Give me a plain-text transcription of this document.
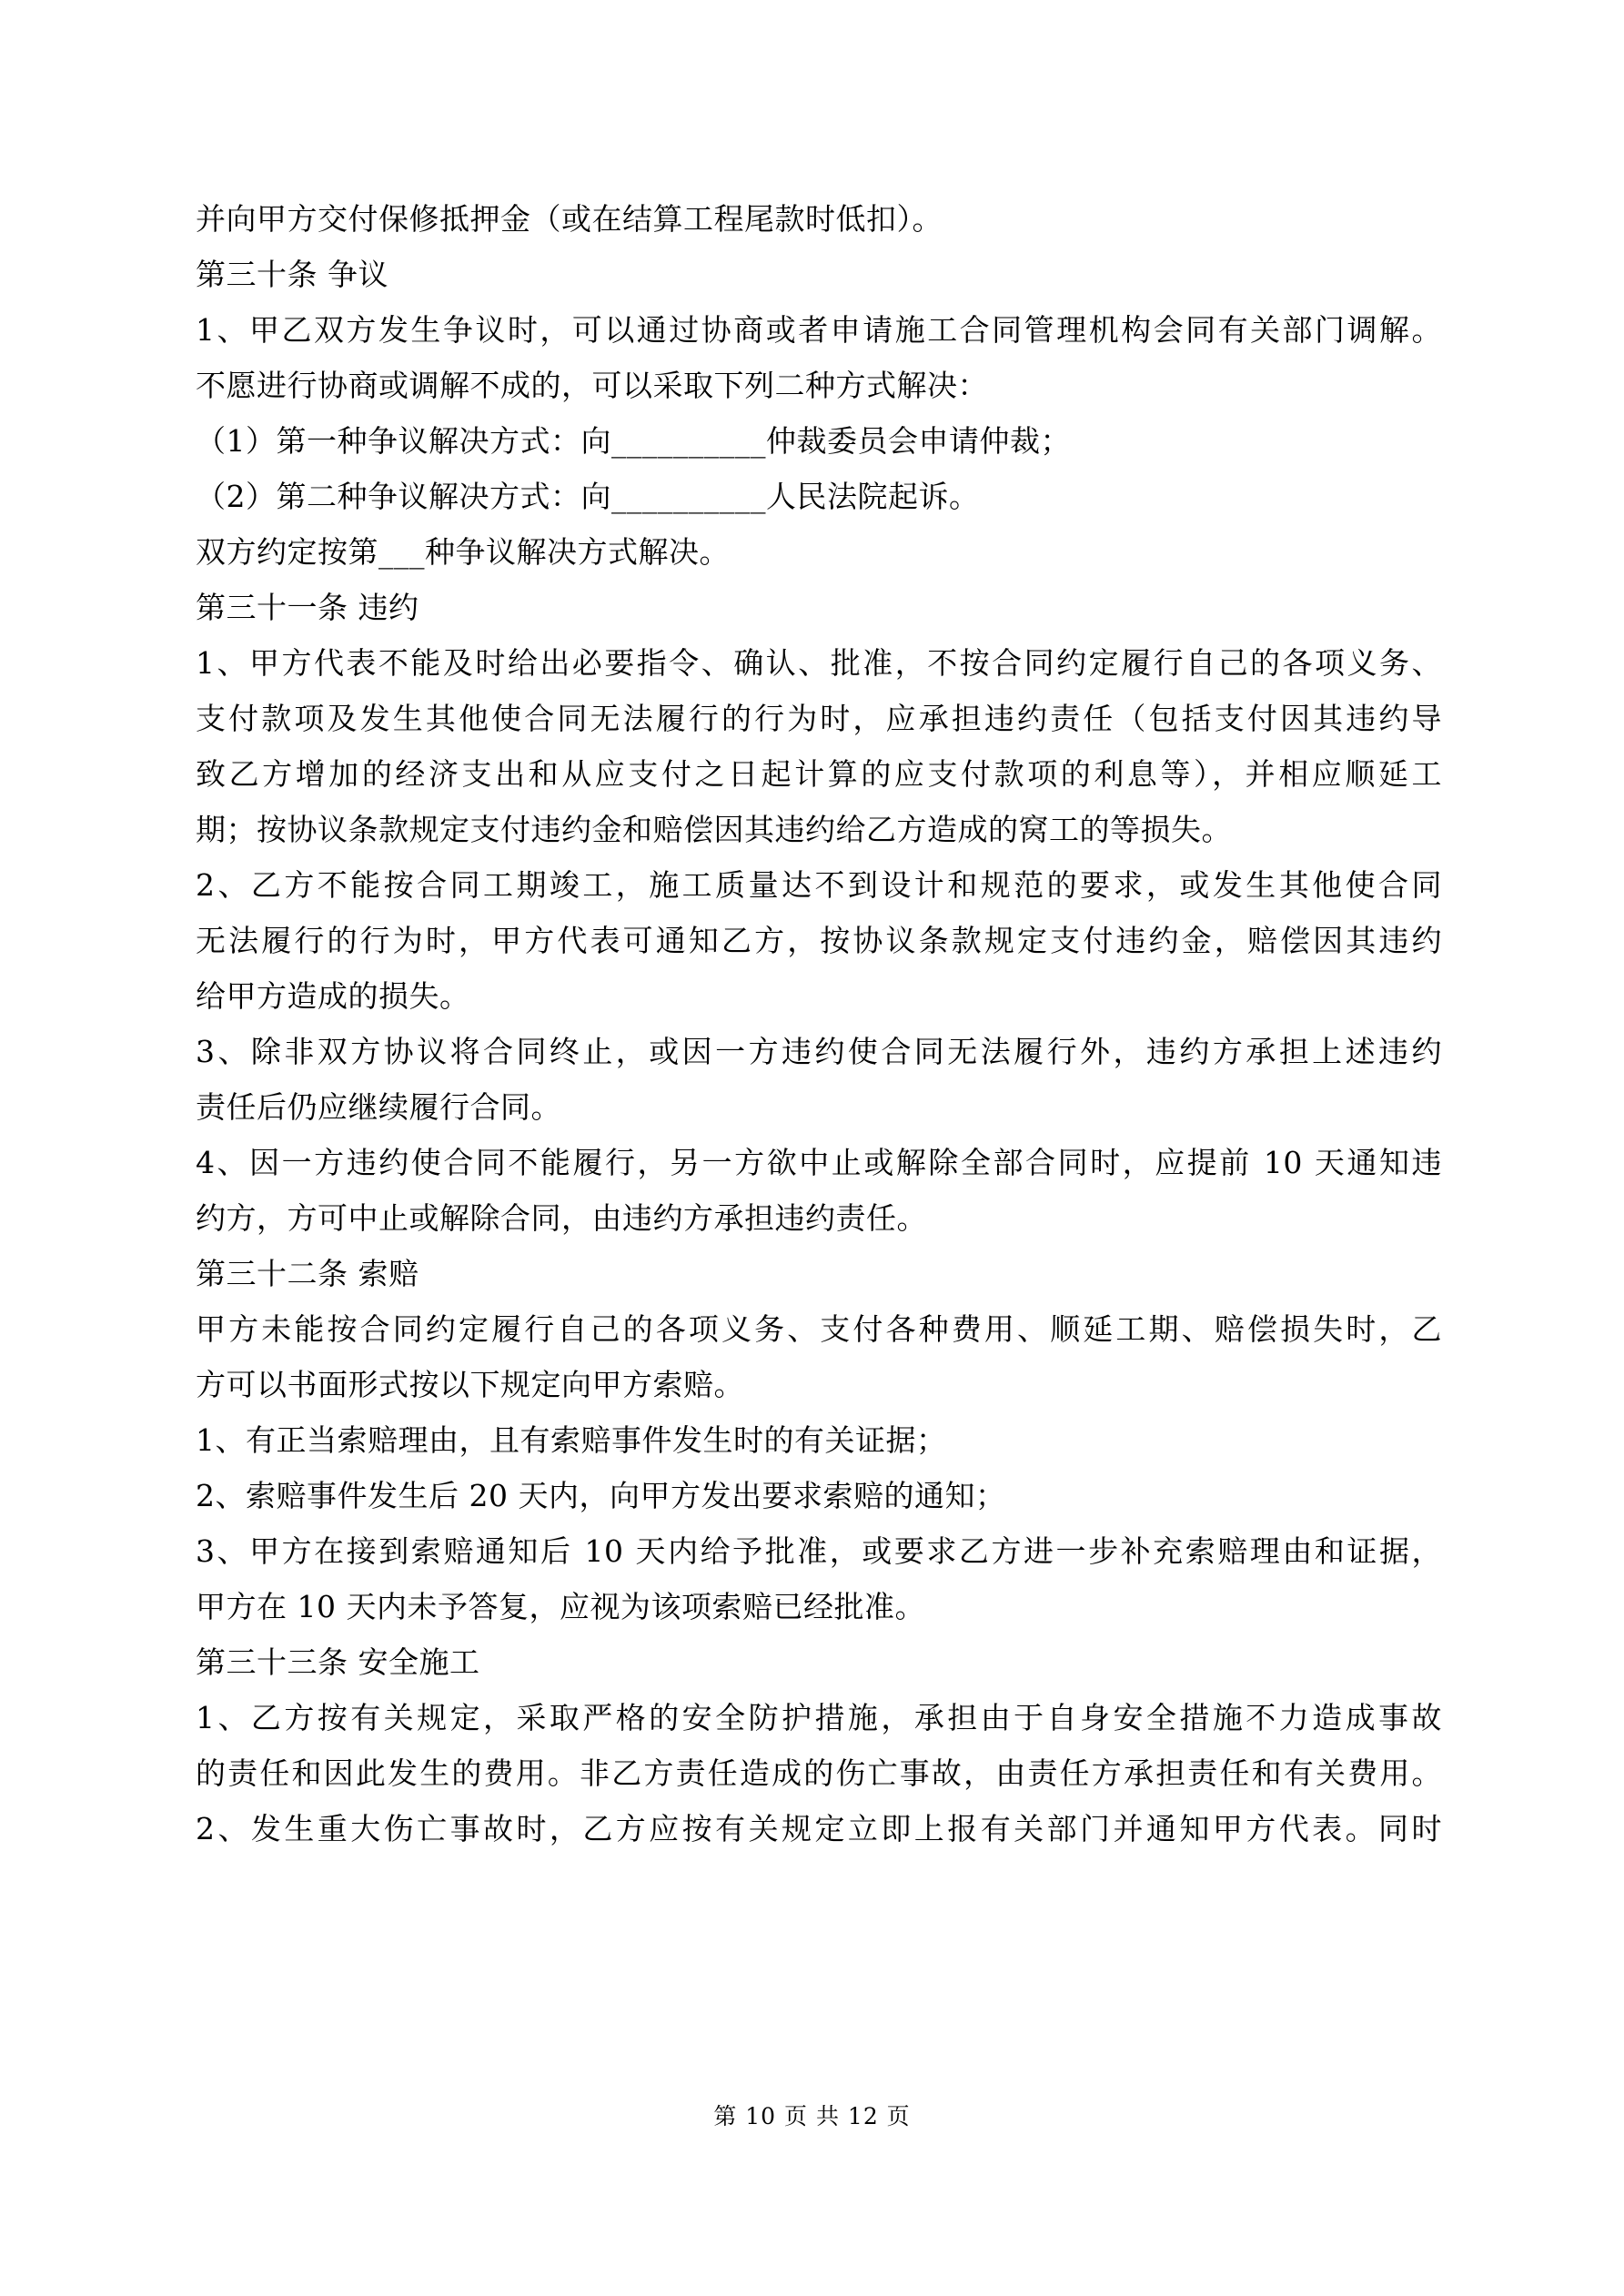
并向甲方交付保修抵押金（或在结算工程尾款时低扣）。
第三十条 争议
1、甲乙双方发生争议时，可以通过协商或者申请施工合同管理机构会同有关部门调解。
不愿进行协商或调解不成的，可以采取下列二种方式解决：
（1）第一种争议解决方式：向__________仲裁委员会申请仲裁；
（2）第二种争议解决方式：向__________人民法院起诉。
双方约定按第___种争议解决方式解决。
第三十一条 违约
1、甲方代表不能及时给出必要指令、确认、批准，不按合同约定履行自己的各项义务、
支付款项及发生其他使合同无法履行的行为时，应承担违约责任（包括支付因其违约导
致乙方增加的经济支出和从应支付之日起计算的应支付款项的利息等），并相应顺延工
期；按协议条款规定支付违约金和赔偿因其违约给乙方造成的窝工的等损失。
2、乙方不能按合同工期竣工，施工质量达不到设计和规范的要求，或发生其他使合同
无法履行的行为时，甲方代表可通知乙方，按协议条款规定支付违约金，赔偿因其违约
给甲方造成的损失。
3、除非双方协议将合同终止，或因一方违约使合同无法履行外，违约方承担上述违约
责任后仍应继续履行合同。
4、因一方违约使合同不能履行，另一方欲中止或解除全部合同时，应提前 10 天通知违
约方，方可中止或解除合同，由违约方承担违约责任。
第三十二条 索赔
甲方未能按合同约定履行自己的各项义务、支付各种费用、顺延工期、赔偿损失时，乙
方可以书面形式按以下规定向甲方索赔。
1、有正当索赔理由，且有索赔事件发生时的有关证据；
2、索赔事件发生后 20 天内，向甲方发出要求索赔的通知；
3、甲方在接到索赔通知后 10 天内给予批准，或要求乙方进一步补充索赔理由和证据，
甲方在 10 天内未予答复，应视为该项索赔已经批准。
第三十三条 安全施工
1、乙方按有关规定，采取严格的安全防护措施，承担由于自身安全措施不力造成事故
的责任和因此发生的费用。非乙方责任造成的伤亡事故，由责任方承担责任和有关费用。
2、发生重大伤亡事故时，乙方应按有关规定立即上报有关部门并通知甲方代表。同时
第 10 页 共 12 页
